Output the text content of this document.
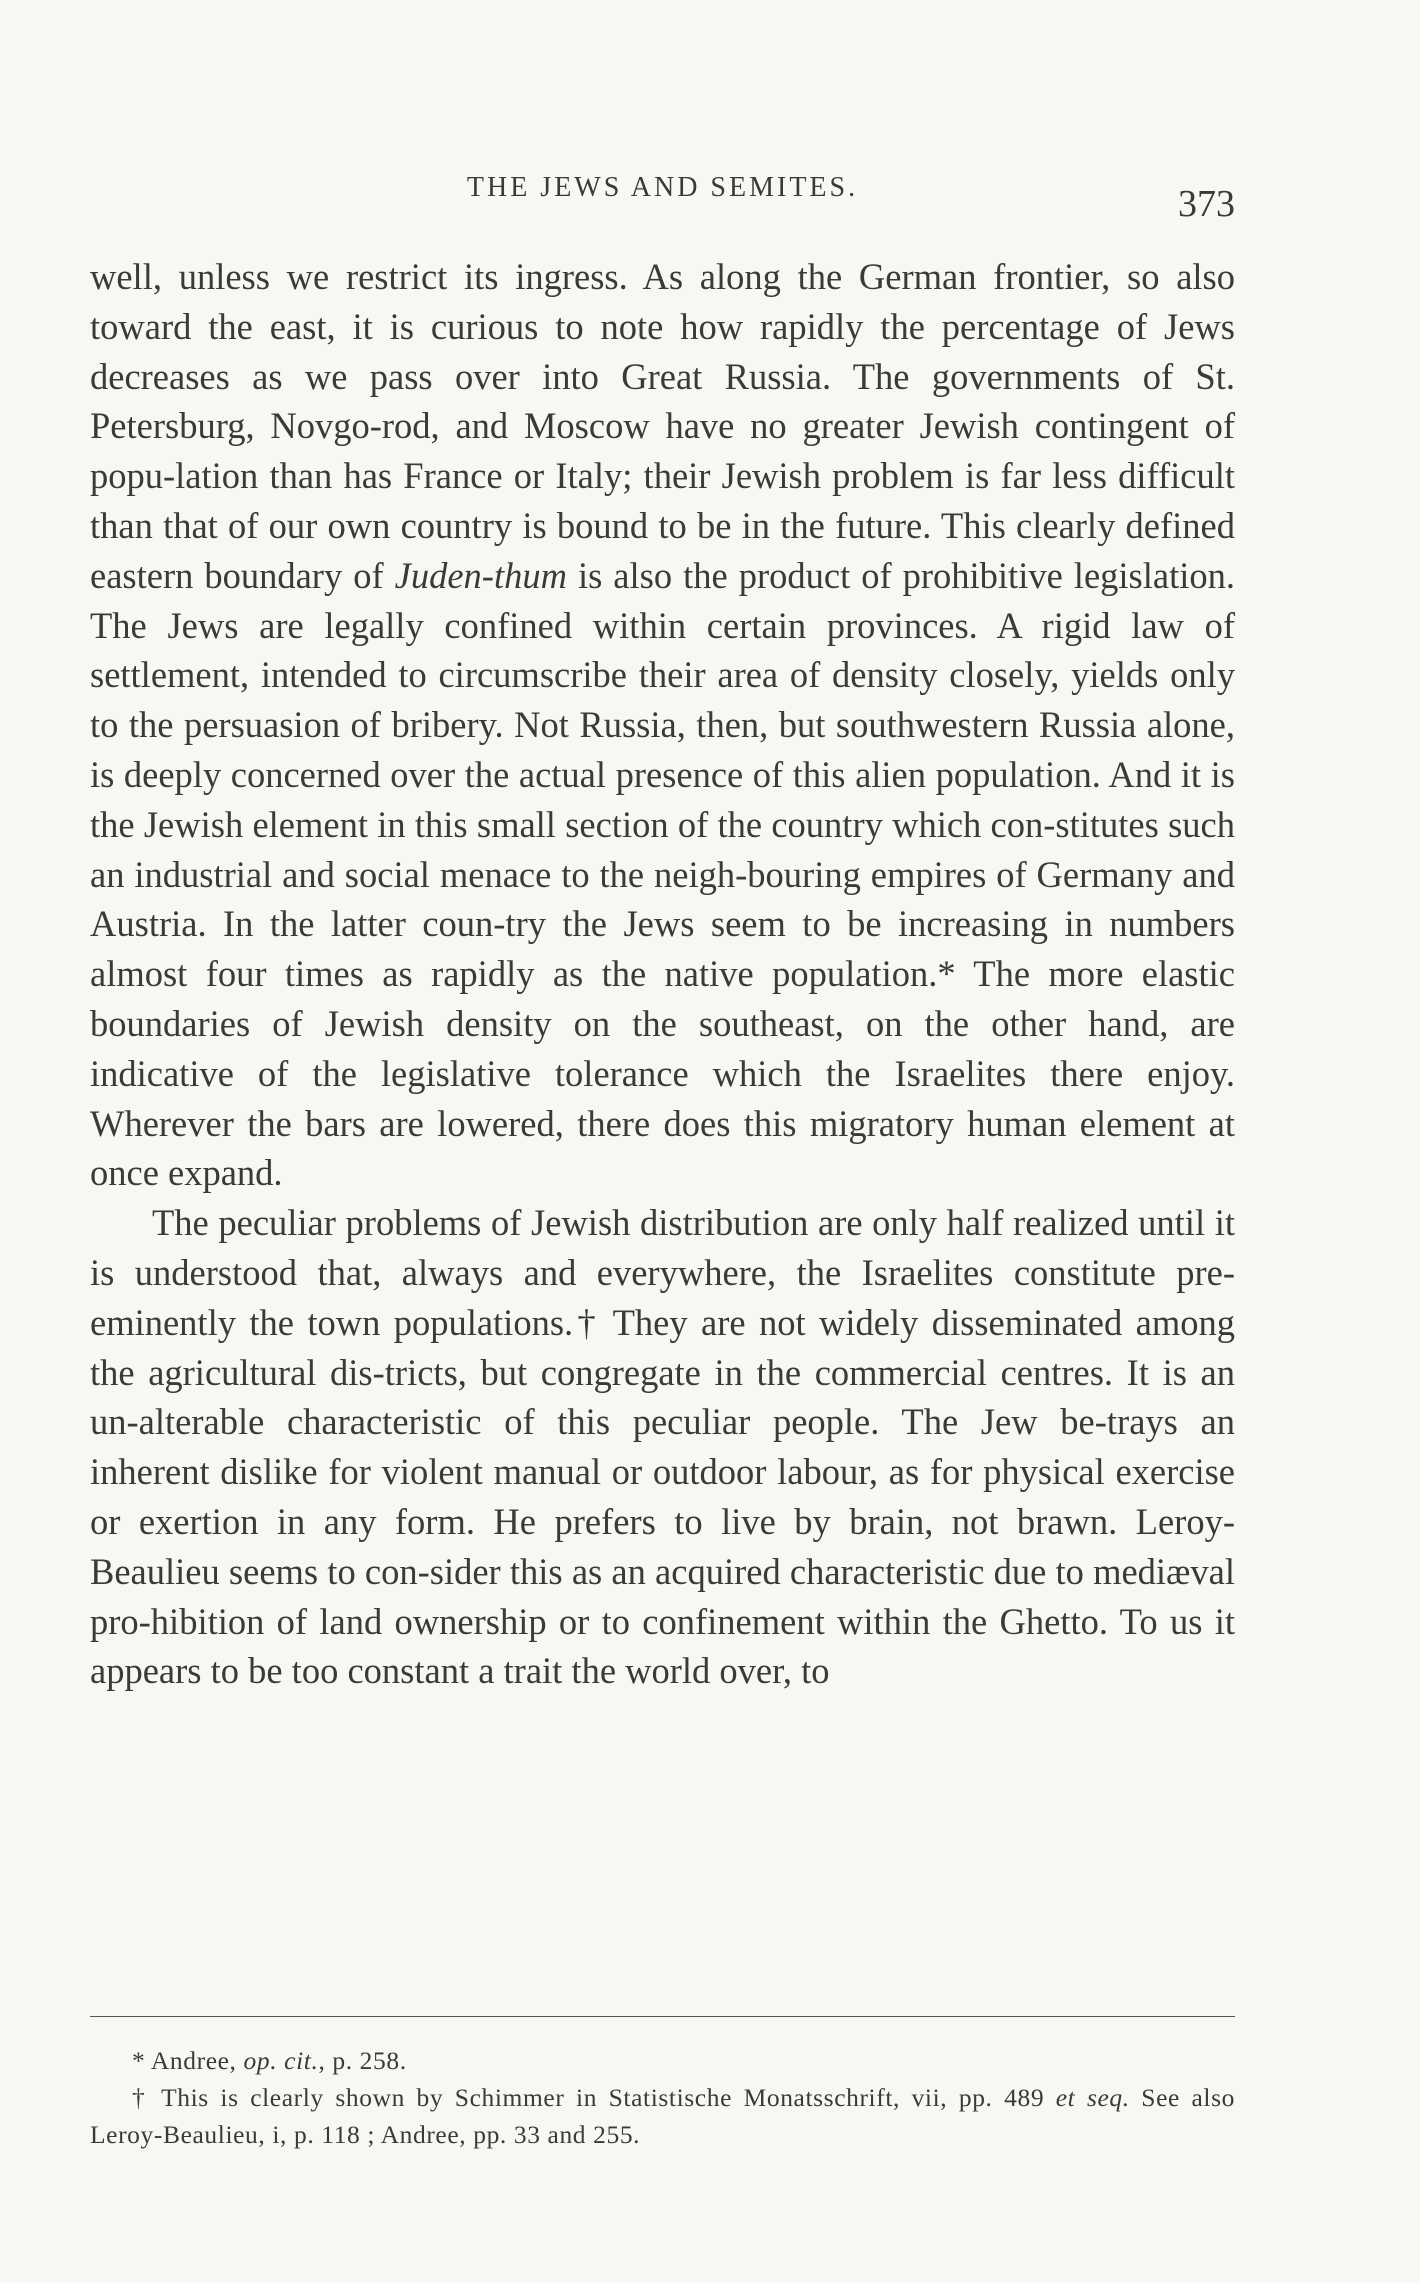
THE JEWS AND SEMITES.	373

well, unless we restrict its ingress. As along the German frontier, so also toward the east, it is curious to note how rapidly the percentage of Jews decreases as we pass over into Great Russia. The governments of St. Petersburg, Novgo-rod, and Moscow have no greater Jewish contingent of popu-lation than has France or Italy; their Jewish problem is far less difficult than that of our own country is bound to be in the future. This clearly defined eastern boundary of Juden-thum is also the product of prohibitive legislation. The Jews are legally confined within certain provinces. A rigid law of settlement, intended to circumscribe their area of density closely, yields only to the persuasion of bribery. Not Russia, then, but southwestern Russia alone, is deeply concerned over the actual presence of this alien population. And it is the Jewish element in this small section of the country which con-stitutes such an industrial and social menace to the neigh-bouring empires of Germany and Austria. In the latter coun-try the Jews seem to be increasing in numbers almost four times as rapidly as the native population.* The more elastic boundaries of Jewish density on the southeast, on the other hand, are indicative of the legislative tolerance which the Israelites there enjoy. Wherever the bars are lowered, there does this migratory human element at once expand.

The peculiar problems of Jewish distribution are only half realized until it is understood that, always and everywhere, the Israelites constitute pre-eminently the town populations.† They are not widely disseminated among the agricultural dis-tricts, but congregate in the commercial centres. It is an un-alterable characteristic of this peculiar people. The Jew be-trays an inherent dislike for violent manual or outdoor labour, as for physical exercise or exertion in any form. He prefers to live by brain, not brawn. Leroy-Beaulieu seems to con-sider this as an acquired characteristic due to mediæval pro-hibition of land ownership or to confinement within the Ghetto. To us it appears to be too constant a trait the world over, to

* Andree, op. cit., p. 258.

† This is clearly shown by Schimmer in Statistische Monatsschrift, vii, pp. 489 et seq. See also Leroy-Beaulieu, i, p. 118 ; Andree, pp. 33 and 255.
